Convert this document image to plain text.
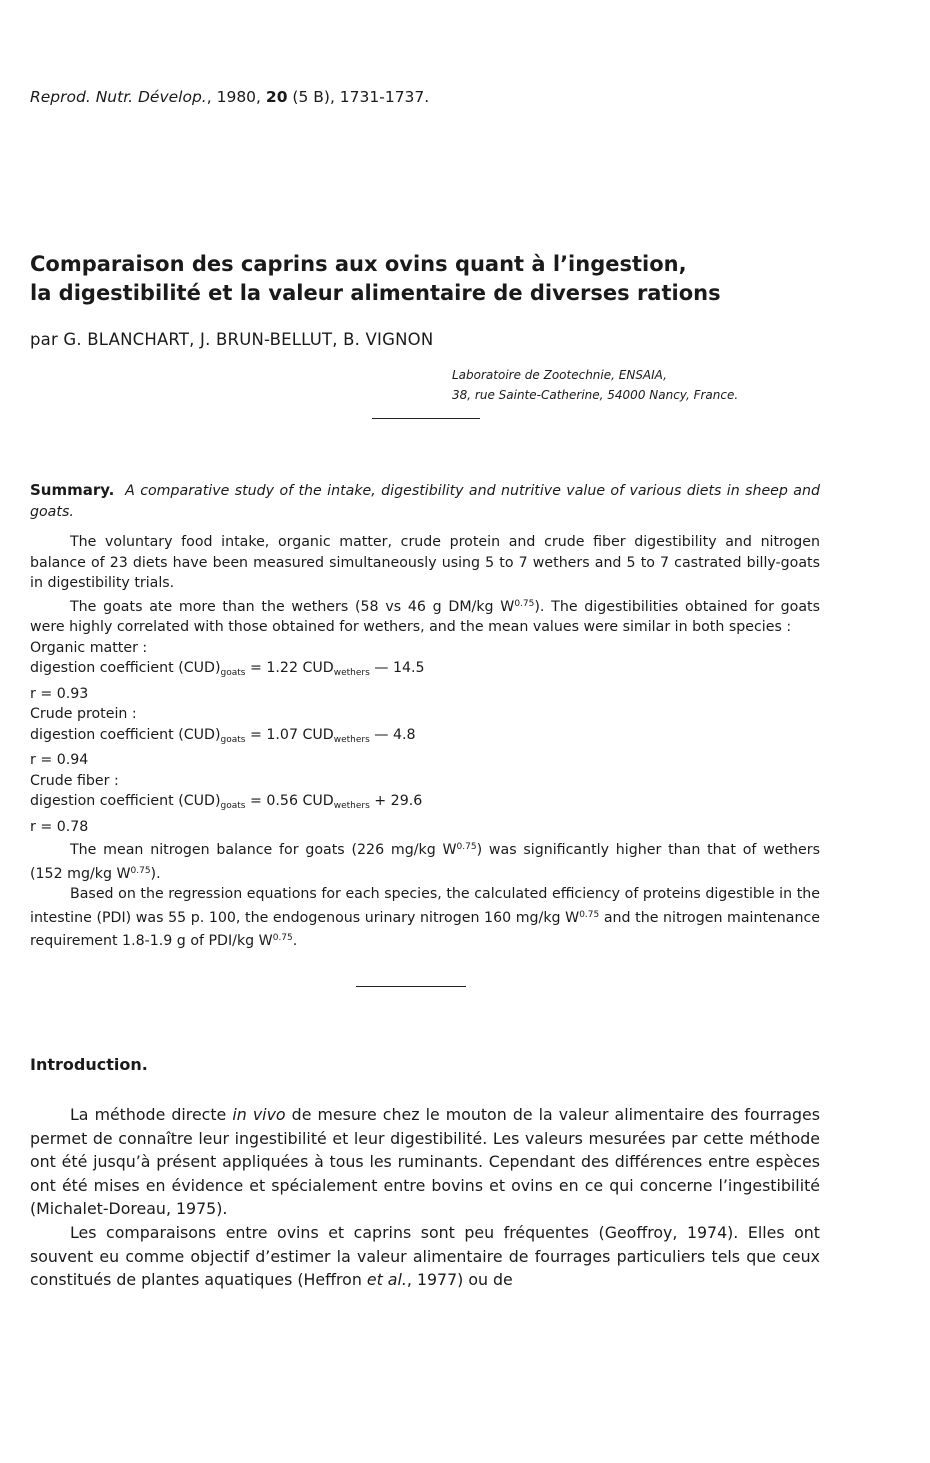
Reprod. Nutr. Dévelop., 1980, 20 (5 B), 1731-1737.
Comparaison des caprins aux ovins quant à l’ingestion,
la digestibilité et la valeur alimentaire de diverses rations
par G. BLANCHART, J. BRUN-BELLUT, B. VIGNON
Laboratoire de Zootechnie, ENSAIA,
38, rue Sainte-Catherine, 54000 Nancy, France.

Summary. A comparative study of the intake, digestibility and nutritive value of various diets in sheep and goats.

The voluntary food intake, organic matter, crude protein and crude fiber digestibility and nitrogen balance of 23 diets have been measured simultaneously using 5 to 7 wethers and 5 to 7 castrated billy-goats in digestibility trials.

The goats ate more than the wethers (58 vs 46 g DM/kg $W^{0.75}$). The digestibilities obtained for goats were highly correlated with those obtained for wethers, and the mean values were similar in both species :

Organic matter :

digestion coefficient $(CUD)_{goats} = 1.22$ $CUD_{wethers}$ — 14.5

r = 0.93

Crude protein :

digestion coefficient $(CUD)_{goats} = 1.07$ $CUD_{wethers}$ — 4.8

r = 0.94

Crude fiber :

digestion coefficient $(CUD)_{goats} = 0.56$ $CUD_{wethers} + 29.6$

r = 0.78

The mean nitrogen balance for goats (226 mg/kg $W^{0.75}$) was significantly higher than that of wethers (152 mg/kg $W^{0.75}$).

Based on the regression equations for each species, the calculated efficiency of proteins digestible in the intestine (PDI) was 55 p. 100, the endogenous urinary nitrogen 160 mg/kg $W^{0.75}$ and the nitrogen maintenance requirement 1.8-1.9 g of PDI/kg $W^{0.75}$.

Introduction.

La méthode directe in vivo de mesure chez le mouton de la valeur alimentaire des fourrages permet de connaître leur ingestibilité et leur digestibilité. Les valeurs mesurées par cette méthode ont été jusqu’à présent appliquées à tous les ruminants. Cependant des différences entre espèces ont été mises en évidence et spécialement entre bovins et ovins en ce qui concerne l’ingestibilité (Michalet-Doreau, 1975).

Les comparaisons entre ovins et caprins sont peu fréquentes (Geoffroy, 1974). Elles ont souvent eu comme objectif d’estimer la valeur alimentaire de fourrages particuliers tels que ceux constitués de plantes aquatiques (Heffron et al., 1977) ou de
